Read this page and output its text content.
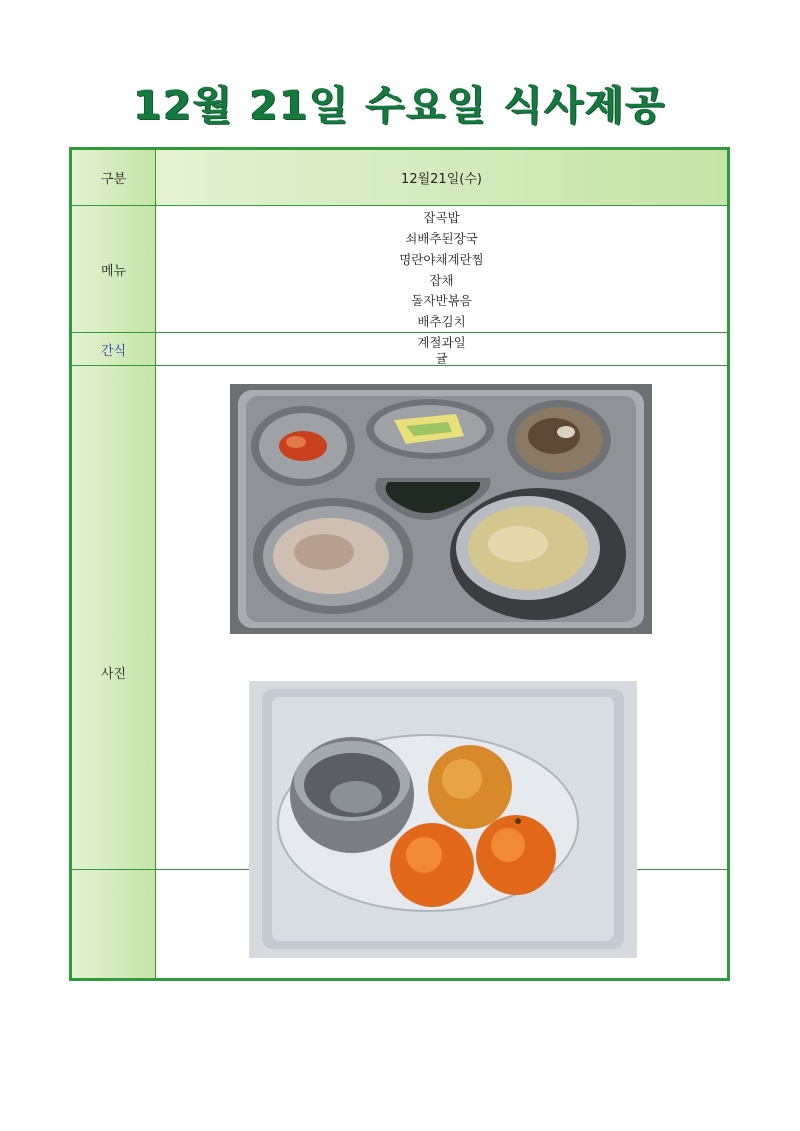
12월 21일 수요일 식사제공
구분	12월21일(수)
메뉴
잡곡밥
쇠배추된장국
명란야채계란찜
잡채
돌자반볶음
배추김치
간식
계절과일
귤
사진
